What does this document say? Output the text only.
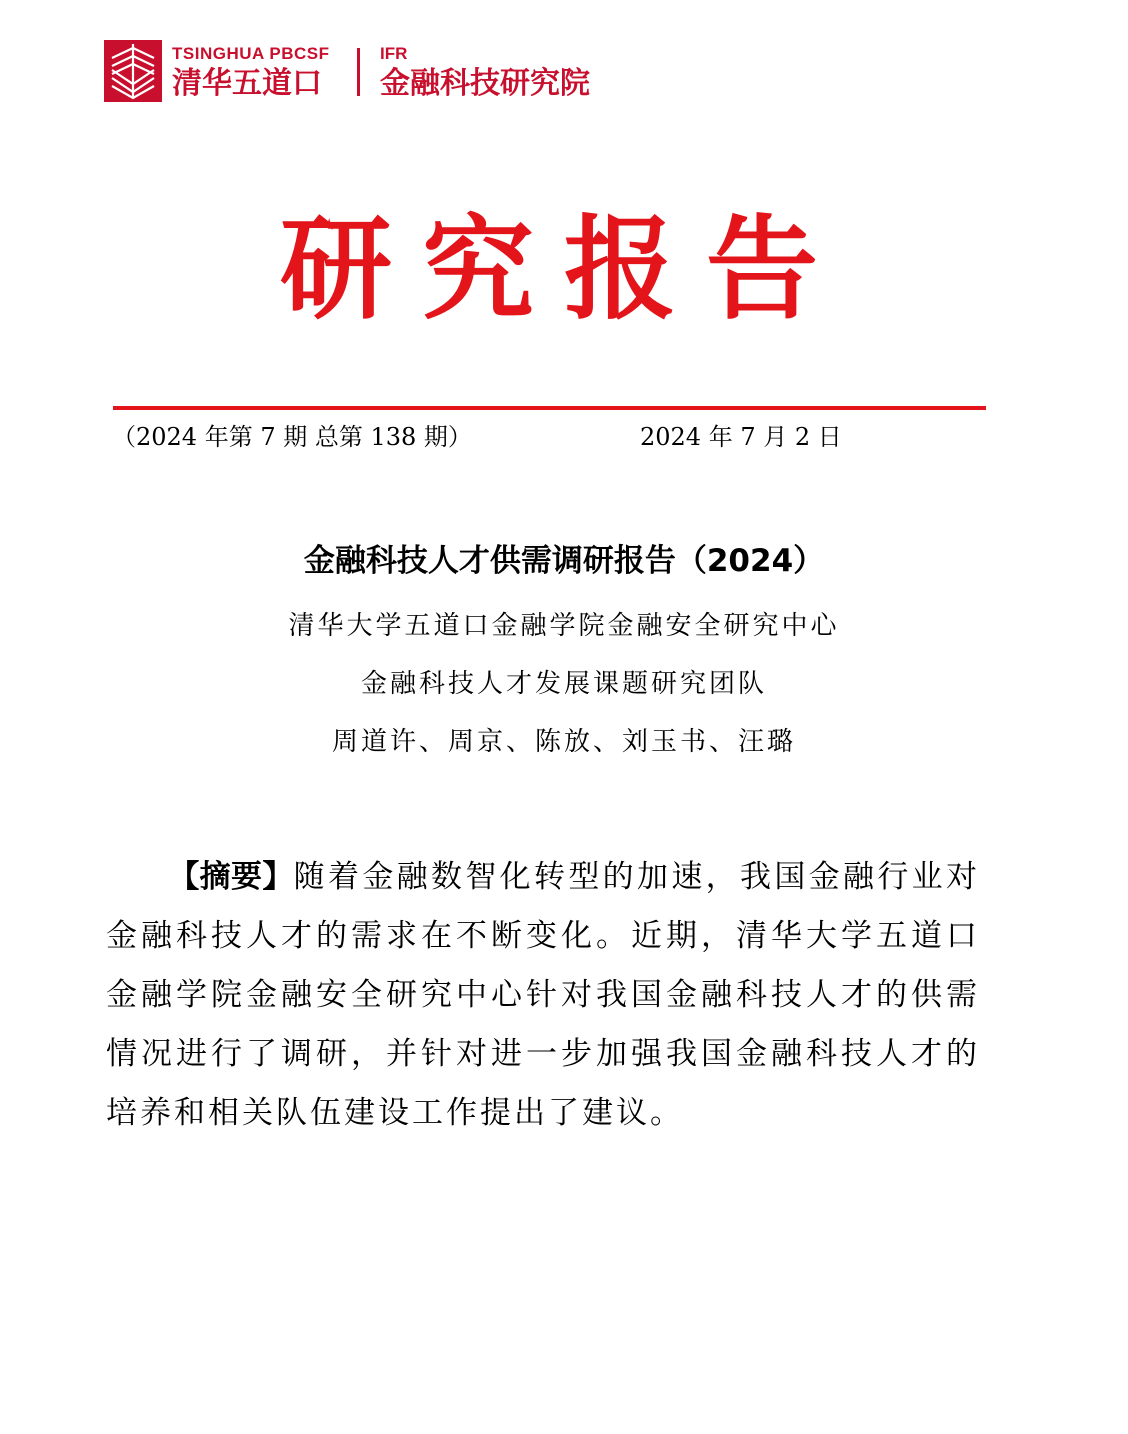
TSINGHUA PBCSF
清华五道口
IFR
金融科技研究院
研究报告
（2024 年第 7 期 总第 138 期）	2024 年 7 月 2 日
金融科技人才供需调研报告（2024）
清华大学五道口金融学院金融安全研究中心
金融科技人才发展课题研究团队
周道许、周京、陈放、刘玉书、汪璐
【摘要】随着金融数智化转型的加速，我国金融行业对金融科技人才的需求在不断变化。近期，清华大学五道口金融学院金融安全研究中心针对我国金融科技人才的供需情况进行了调研，并针对进一步加强我国金融科技人才的培养和相关队伍建设工作提出了建议。
